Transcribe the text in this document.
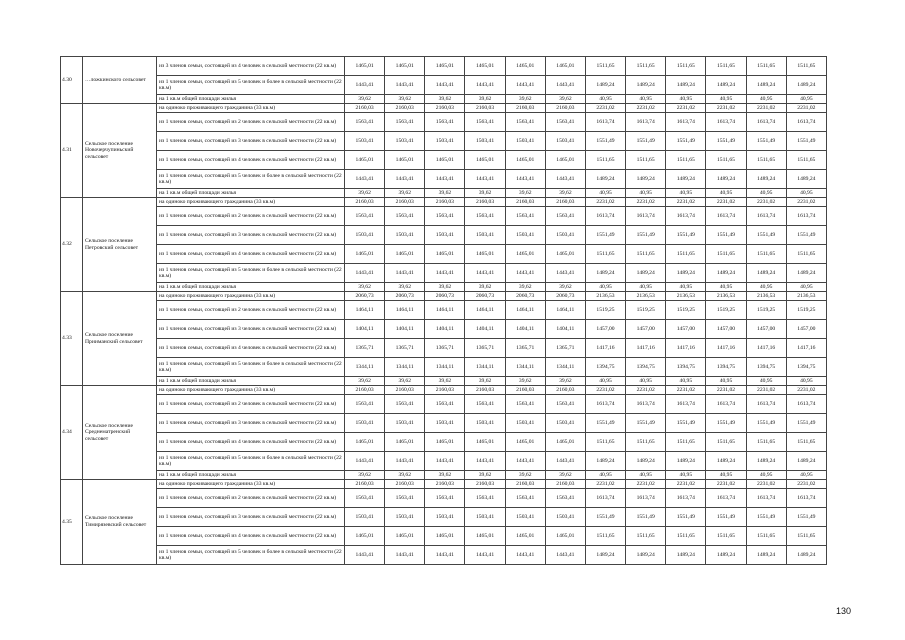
4.30	…ложкинского сельсовет	из 3 членов семьи, состоящей из 4 человек в сельской местности (22 кв.м)	1465,01	1465,01	1465,01	1465,01	1465,01	1465,01	1511,65	1511,65	1511,65	1511,65	1511,65	1511,65
		из 1 членов семьи, состоящей из 5 человек и более в сельской местности (22 кв.м)	1443,41	1443,41	1443,41	1443,41	1443,41	1443,41	1489,24	1489,24	1489,24	1489,24	1489,24	1489,24
		на 1 кв.м общей площади жилья	39,62	39,62	39,62	39,62	39,62	39,62	40,95	40,95	40,95	40,95	40,95	40,95
4.31	Сельское поселение Новочерчупиньский сельсовет	на одиноко проживающего гражданина (33 кв.м)	2160,03	2160,03	2160,03	2160,03	2160,03	2160,03	2231,02	2231,02	2231,02	2231,02	2231,02	2231,02
		из 1 членов семьи, состоящей из 2 человек в сельской местности (22 кв.м)	1563,41	1563,41	1563,41	1563,41	1563,41	1563,41	1613,74	1613,74	1613,74	1613,74	1613,74	1613,74
		из 1 членов семьи, состоящей из 3 человек в сельской местности (22 кв.м)	1503,41	1503,41	1503,41	1503,41	1503,41	1503,41	1551,49	1551,49	1551,49	1551,49	1551,49	1551,49
		из 1 членов семьи, состоящей из 4 человек в сельской местности (22 кв.м)	1465,01	1465,01	1465,01	1465,01	1465,01	1465,01	1511,65	1511,65	1511,65	1511,65	1511,65	1511,65
		из 1 членов семьи, состоящей из 5 человек и более в сельской местности (22 кв.м)	1443,41	1443,41	1443,41	1443,41	1443,41	1443,41	1489,24	1489,24	1489,24	1489,24	1489,24	1489,24
		на 1 кв.м общей площади жилья	39,62	39,62	39,62	39,62	39,62	39,62	40,95	40,95	40,95	40,95	40,95	40,95
4.32	Сельское поселение Петровский сельсовет	на одиноко проживающего гражданина (33 кв.м)	2160,03	2160,03	2160,03	2160,03	2160,03	2160,03	2231,02	2231,02	2231,02	2231,02	2231,02	2231,02
		из 1 членов семьи, состоящей из 2 человек в сельской местности (22 кв.м)	1563,41	1563,41	1563,41	1563,41	1563,41	1563,41	1613,74	1613,74	1613,74	1613,74	1613,74	1613,74
		из 1 членов семьи, состоящей из 3 человек в сельской местности (22 кв.м)	1503,41	1503,41	1503,41	1503,41	1503,41	1503,41	1551,49	1551,49	1551,49	1551,49	1551,49	1551,49
		из 1 членов семьи, состоящей из 4 человек в сельской местности (22 кв.м)	1465,01	1465,01	1465,01	1465,01	1465,01	1465,01	1511,65	1511,65	1511,65	1511,65	1511,65	1511,65
		из 1 членов семьи, состоящей из 5 человек и более в сельской местности (22 кв.м)	1443,41	1443,41	1443,41	1443,41	1443,41	1443,41	1489,24	1489,24	1489,24	1489,24	1489,24	1489,24
		на 1 кв.м общей площади жилья	39,62	39,62	39,62	39,62	39,62	39,62	40,95	40,95	40,95	40,95	40,95	40,95
4.33	Сельское поселение Прииманский сельсовет	на одиноко проживающего гражданина (33 кв.м)	2060,73	2060,73	2060,73	2060,73	2060,73	2060,73	2136,53	2136,53	2136,53	2136,53	2136,53	2136,53
		из 1 членов семьи, состоящей из 2 человек в сельской местности (22 кв.м)	1464,11	1464,11	1464,11	1464,11	1464,11	1464,11	1519,25	1519,25	1519,25	1519,25	1519,25	1519,25
		из 1 членов семьи, состоящей из 3 человек в сельской местности (22 кв.м)	1404,11	1404,11	1404,11	1404,11	1404,11	1404,11	1457,00	1457,00	1457,00	1457,00	1457,00	1457,00
		из 1 членов семьи, состоящей из 4 человек в сельской местности (22 кв.м)	1365,71	1365,71	1365,71	1365,71	1365,71	1365,71	1417,16	1417,16	1417,16	1417,16	1417,16	1417,16
		из 1 членов семьи, состоящей из 5 человек и более в сельской местности (22 кв.м)	1344,11	1344,11	1344,11	1344,11	1344,11	1344,11	1394,75	1394,75	1394,75	1394,75	1394,75	1394,75
		на 1 кв.м общей площади жилья	39,62	39,62	39,62	39,62	39,62	39,62	40,95	40,95	40,95	40,95	40,95	40,95
4.34	Сельское поселение Среднематренский сельсовет	на одиноко проживающего гражданина (33 кв.м)	2160,03	2160,03	2160,03	2160,03	2160,03	2160,03	2231,02	2231,02	2231,02	2231,02	2231,02	2231,02
		из 1 членов семьи, состоящей из 2 человек в сельской местности (22 кв.м)	1563,41	1563,41	1563,41	1563,41	1563,41	1563,41	1613,74	1613,74	1613,74	1613,74	1613,74	1613,74
		из 1 членов семьи, состоящей из 3 человек в сельской местности (22 кв.м)	1503,41	1503,41	1503,41	1503,41	1503,41	1503,41	1551,49	1551,49	1551,49	1551,49	1551,49	1551,49
		из 1 членов семьи, состоящей из 4 человек в сельской местности (22 кв.м)	1465,01	1465,01	1465,01	1465,01	1465,01	1465,01	1511,65	1511,65	1511,65	1511,65	1511,65	1511,65
		из 1 членов семьи, состоящей из 5 человек и более в сельской местности (22 кв.м)	1443,41	1443,41	1443,41	1443,41	1443,41	1443,41	1489,24	1489,24	1489,24	1489,24	1489,24	1489,24
		на 1 кв.м общей площади жилья	39,62	39,62	39,62	39,62	39,62	39,62	40,95	40,95	40,95	40,95	40,95	40,95
4.35	Сельское поселение Тимирязевский сельсовет	на одиноко проживающего гражданина (33 кв.м)	2160,03	2160,03	2160,03	2160,03	2160,03	2160,03	2231,02	2231,02	2231,02	2231,02	2231,02	2231,02
		из 1 членов семьи, состоящей из 2 человек в сельской местности (22 кв.м)	1563,41	1563,41	1563,41	1563,41	1563,41	1563,41	1613,74	1613,74	1613,74	1613,74	1613,74	1613,74
		из 1 членов семьи, состоящей из 3 человек в сельской местности (22 кв.м)	1503,41	1503,41	1503,41	1503,41	1503,41	1503,41	1551,49	1551,49	1551,49	1551,49	1551,49	1551,49
		из 1 членов семьи, состоящей из 4 человек в сельской местности (22 кв.м)	1465,01	1465,01	1465,01	1465,01	1465,01	1465,01	1511,65	1511,65	1511,65	1511,65	1511,65	1511,65
		из 1 членов семьи, состоящей из 5 человек и более в сельской местности (22 кв.м)	1443,41	1443,41	1443,41	1443,41	1443,41	1443,41	1489,24	1489,24	1489,24	1489,24	1489,24	1489,24
130
